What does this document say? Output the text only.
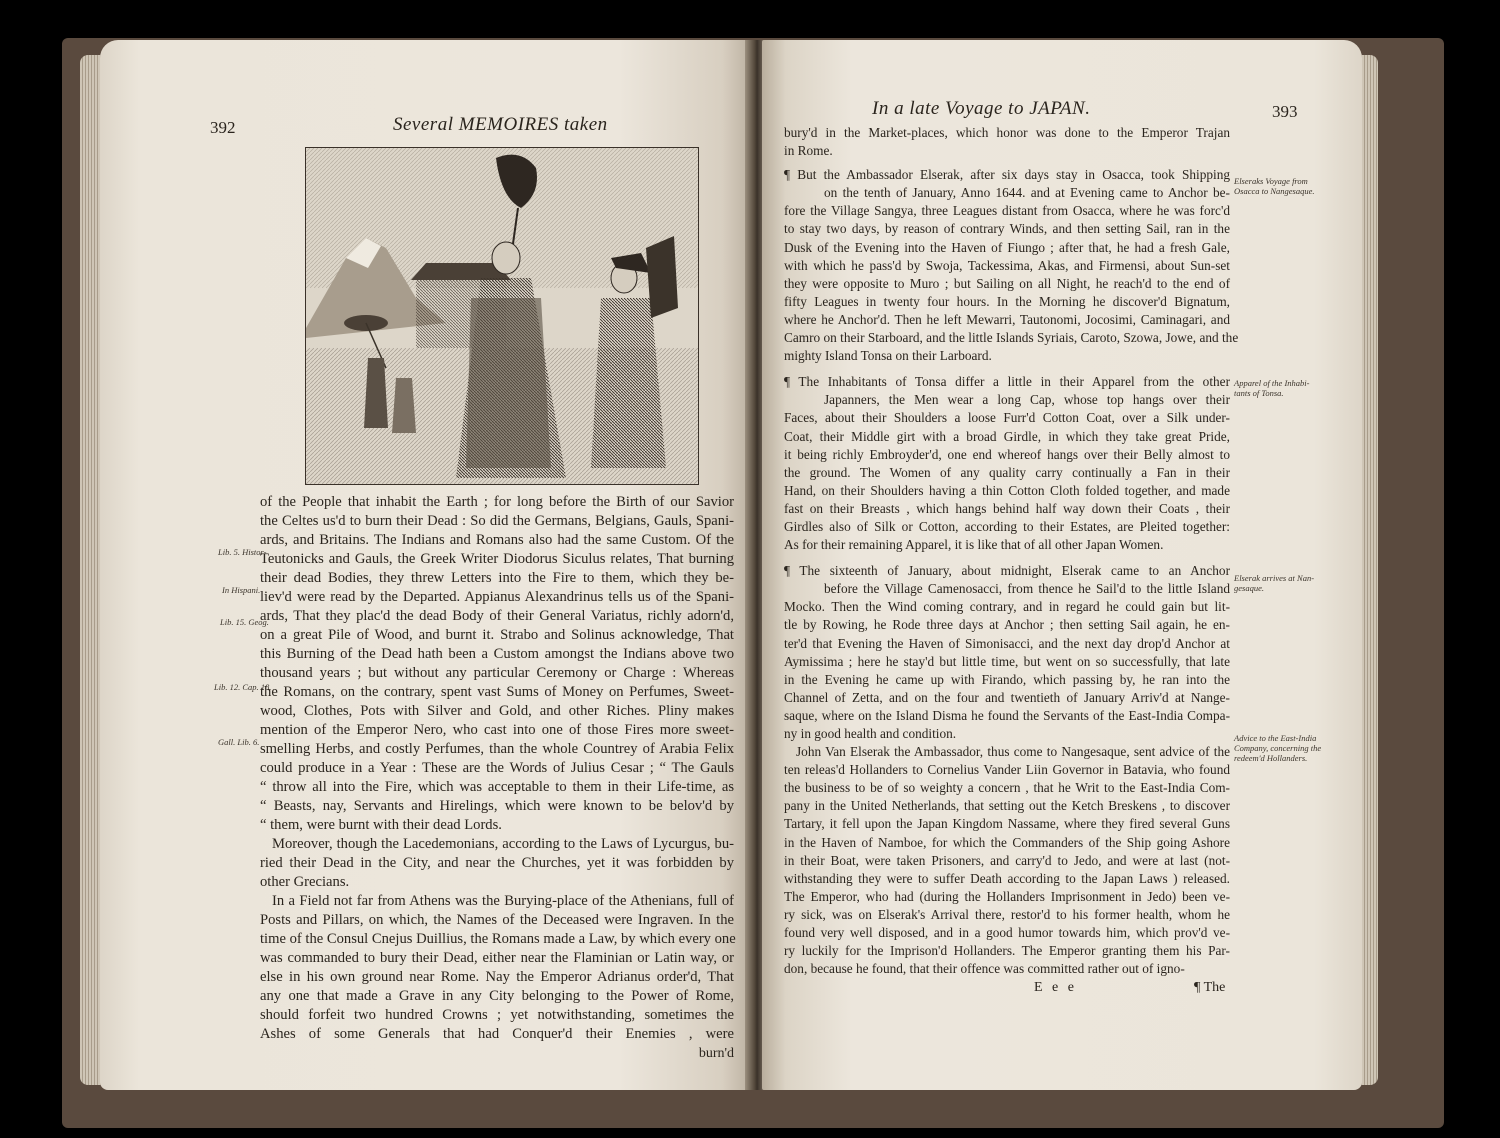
392	Several MEMOIRES taken
of the People that inhabit the Earth ; for long before the Birth of our Savior
the Celtes us'd to burn their Dead : So did the Germans, Belgians, Gauls, Spani-
ards, and Britains. The Indians and Romans also had the same Custom. Of the
Teutonicks and Gauls, the Greek Writer Diodorus Siculus relates, That burning
their dead Bodies, they threw Letters into the Fire to them, which they be-
liev'd were read by the Departed. Appianus Alexandrinus tells us of the Spani-
ards, That they plac'd the dead Body of their General Variatus, richly adorn'd,
on a great Pile of Wood, and burnt it. Strabo and Solinus acknowledge, That
this Burning of the Dead hath been a Custom amongst the Indians above two
thousand years ; but without any particular Ceremony or Charge : Whereas
the Romans, on the contrary, spent vast Sums of Money on Perfumes, Sweet-
wood, Clothes, Pots with Silver and Gold, and other Riches. Pliny makes
mention of the Emperor Nero, who cast into one of those Fires more sweet-
smelling Herbs, and costly Perfumes, than the whole Countrey of Arabia Felix
could produce in a Year : These are the Words of Julius Cesar ; “ The Gauls
“ throw all into the Fire, which was acceptable to them in their Life-time, as
“ Beasts, nay, Servants and Hirelings, which were known to be belov'd by
“ them, were burnt with their dead Lords.
Moreover, though the Lacedemonians, according to the Laws of Lycurgus, bu-
ried their Dead in the City, and near the Churches, yet it was forbidden by
other Grecians.
In a Field not far from Athens was the Burying-place of the Athenians, full of
Posts and Pillars, on which, the Names of the Deceased were Ingraven. In the
time of the Consul Cnejus Duillius, the Romans made a Law, by which every one
was commanded to bury their Dead, either near the Flaminian or Latin way, or
else in his own ground near Rome. Nay the Emperor Adrianus order'd, That
any one that made a Grave in any City belonging to the Power of Rome,
should forfeit two hundred Crowns ; yet notwithstanding, sometimes the
Ashes of some Generals that had Conquer'd their Enemies , were
burn'd
Lib. 5. Histor-
In Hispani.
Lib. 15. Geog.
Lib. 12. Cap. 18.
Gall. Lib. 6.
In a late Voyage to JAPAN.	393
bury'd in the Market-places, which honor was done to the Emperor Trajan
in Rome.
¶ But the Ambassador Elserak, after six days stay in Osacca, took Shipping
on the tenth of January, Anno 1644. and at Evening came to Anchor be-
fore the Village Sangya, three Leagues distant from Osacca, where he was forc'd
to stay two days, by reason of contrary Winds, and then setting Sail, ran in the
Dusk of the Evening into the Haven of Fiungo ; after that, he had a fresh Gale,
with which he pass'd by Swoja, Tackessima, Akas, and Firmensi, about Sun-set
they were opposite to Muro ; but Sailing on all Night, he reach'd to the end of
fifty Leagues in twenty four hours. In the Morning he discover'd Bignatum,
where he Anchor'd. Then he left Mewarri, Tautonomi, Jocosimi, Caminagari, and
Camro on their Starboard, and the little Islands Syriais, Caroto, Szowa, Jowe, and the
mighty Island Tonsa on their Larboard.
¶ The Inhabitants of Tonsa differ a little in their Apparel from the other
Japanners, the Men wear a long Cap, whose top hangs over their
Faces, about their Shoulders a loose Furr'd Cotton Coat, over a Silk under-
Coat, their Middle girt with a broad Girdle, in which they take great Pride,
it being richly Embroyder'd, one end whereof hangs over their Belly almost to
the ground. The Women of any quality carry continually a Fan in their
Hand, on their Shoulders having a thin Cotton Cloth folded together, and made
fast on their Breasts , which hangs behind half way down their Coats , their
Girdles also of Silk or Cotton, according to their Estates, are Pleited together:
As for their remaining Apparel, it is like that of all other Japan Women.
¶ The sixteenth of January, about midnight, Elserak came to an Anchor
before the Village Camenosacci, from thence he Sail'd to the little Island
Mocko. Then the Wind coming contrary, and in regard he could gain but lit-
tle by Rowing, he Rode three days at Anchor ; then setting Sail again, he en-
ter'd that Evening the Haven of Simonisacci, and the next day drop'd Anchor at
Aymissima ; here he stay'd but little time, but went on so successfully, that late
in the Evening he came up with Firando, which passing by, he ran into the
Channel of Zetta, and on the four and twentieth of January Arriv'd at Nange-
saque, where on the Island Disma he found the Servants of the East-India Compa-
ny in good health and condition.
John Van Elserak the Ambassador, thus come to Nangesaque, sent advice of the
ten releas'd Hollanders to Cornelius Vander Liin Governor in Batavia, who found
the business to be of so weighty a concern , that he Writ to the East-India Com-
pany in the United Netherlands, that setting out the Ketch Breskens , to discover
Tartary, it fell upon the Japan Kingdom Nassame, where they fired several Guns
in the Haven of Namboe, for which the Commanders of the Ship going Ashore
in their Boat, were taken Prisoners, and carry'd to Jedo, and were at last (not-
withstanding they were to suffer Death according to the Japan Laws ) released.
The Emperor, who had (during the Hollanders Imprisonment in Jedo) been ve-
ry sick, was on Elserak's Arrival there, restor'd to his former health, whom he
found very well disposed, and in a good humor towards him, which prov'd ve-
ry luckily for the Imprison'd Hollanders. The Emperor granting them his Par-
don, because he found, that their offence was committed rather out of igno-
E e e	¶ The
Elseraks Voyage from
Osacca to Nangesaque.
Apparel of the Inhabi-
tants of Tonsa.
Elserak arrives at Nan-
gesaque.
Advice to the East-India
Company, concerning the
redeem'd Hollanders.
